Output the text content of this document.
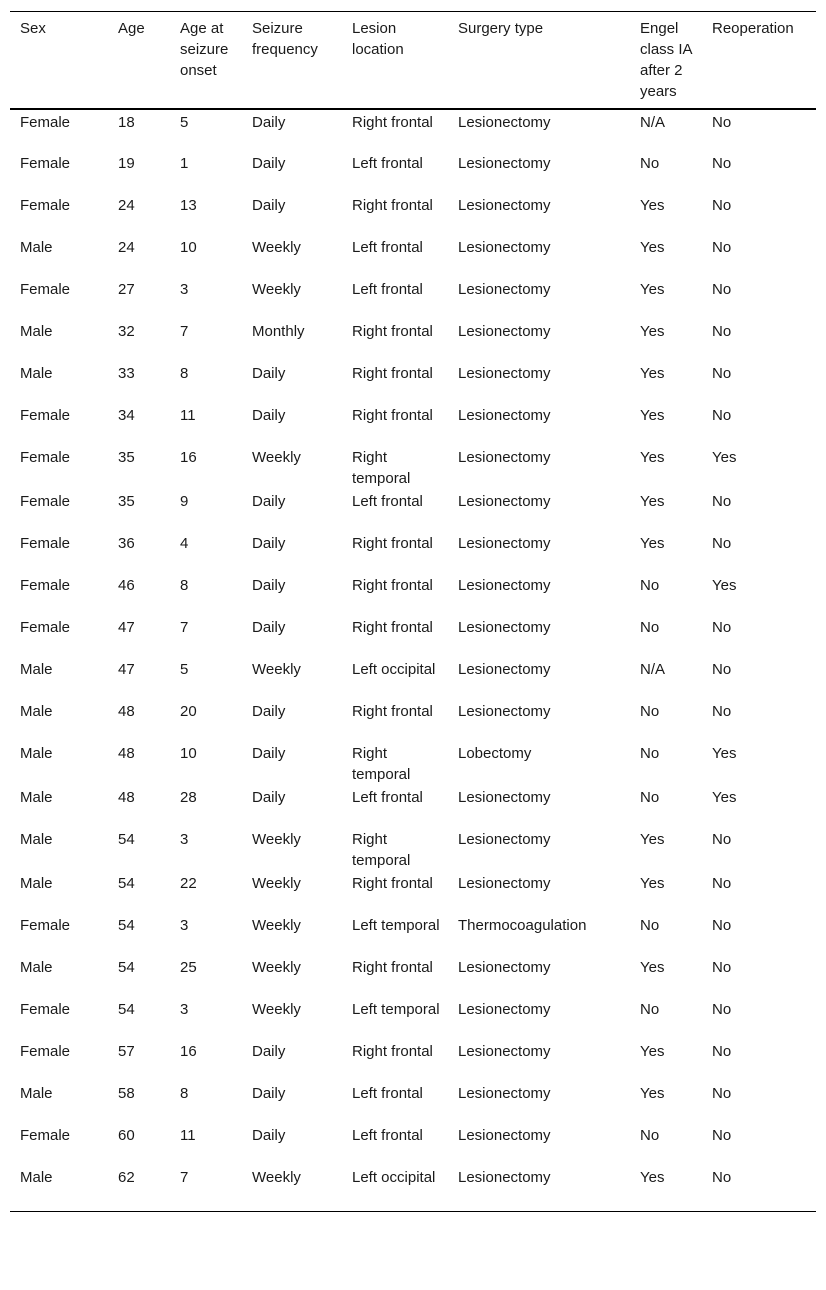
Sex	Age	Age at seizure onset	Seizure frequency	Lesion location	Surgery type	Engel class IA after 2 years	Reoperation
Female	18	5	Daily	Right frontal	Lesionectomy	N/A	No
Female	19	1	Daily	Left frontal	Lesionectomy	No	No
Female	24	13	Daily	Right frontal	Lesionectomy	Yes	No
Male	24	10	Weekly	Left frontal	Lesionectomy	Yes	No
Female	27	3	Weekly	Left frontal	Lesionectomy	Yes	No
Male	32	7	Monthly	Right frontal	Lesionectomy	Yes	No
Male	33	8	Daily	Right frontal	Lesionectomy	Yes	No
Female	34	11	Daily	Right frontal	Lesionectomy	Yes	No
Female	35	16	Weekly	Right temporal	Lesionectomy	Yes	Yes
Female	35	9	Daily	Left frontal	Lesionectomy	Yes	No
Female	36	4	Daily	Right frontal	Lesionectomy	Yes	No
Female	46	8	Daily	Right frontal	Lesionectomy	No	Yes
Female	47	7	Daily	Right frontal	Lesionectomy	No	No
Male	47	5	Weekly	Left occipital	Lesionectomy	N/A	No
Male	48	20	Daily	Right frontal	Lesionectomy	No	No
Male	48	10	Daily	Right temporal	Lobectomy	No	Yes
Male	48	28	Daily	Left frontal	Lesionectomy	No	Yes
Male	54	3	Weekly	Right temporal	Lesionectomy	Yes	No
Male	54	22	Weekly	Right frontal	Lesionectomy	Yes	No
Female	54	3	Weekly	Left temporal	Thermocoagulation	No	No
Male	54	25	Weekly	Right frontal	Lesionectomy	Yes	No
Female	54	3	Weekly	Left temporal	Lesionectomy	No	No
Female	57	16	Daily	Right frontal	Lesionectomy	Yes	No
Male	58	8	Daily	Left frontal	Lesionectomy	Yes	No
Female	60	11	Daily	Left frontal	Lesionectomy	No	No
Male	62	7	Weekly	Left occipital	Lesionectomy	Yes	No
